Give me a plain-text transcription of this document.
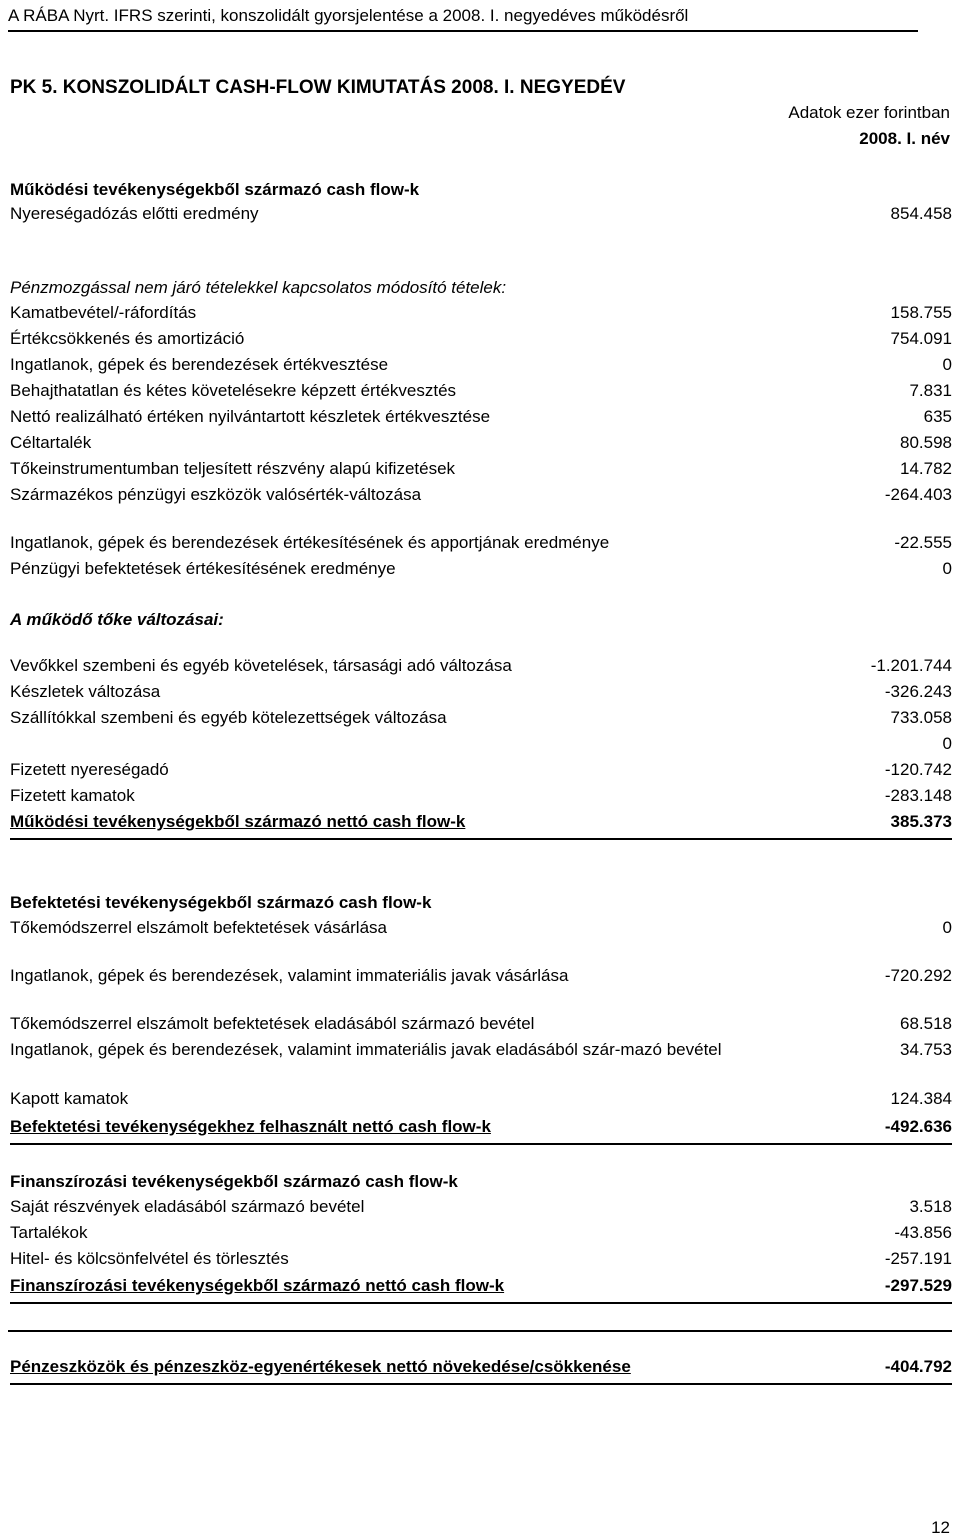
A RÁBA Nyrt. IFRS szerinti, konszolidált gyorsjelentése a 2008. I. negyedéves működésről
PK 5. KONSZOLIDÁLT CASH-FLOW KIMUTATÁS 2008. I. NEGYEDÉV
Adatok ezer forintban
2008. I. név
Működési tevékenységekből származó cash flow-k
Nyereségadózás előtti eredmény	854.458
Pénzmozgással nem járó tételekkel kapcsolatos módosító tételek:
Kamatbevétel/-ráfordítás	158.755
Értékcsökkenés és amortizáció	754.091
Ingatlanok, gépek és berendezések értékvesztése	0
Behajthatatlan és kétes követelésekre képzett értékvesztés	7.831
Nettó realizálható értéken nyilvántartott készletek értékvesztése	635
Céltartalék	80.598
Tőkeinstrumentumban teljesített részvény alapú kifizetések	14.782
Származékos pénzügyi eszközök valósérték-változása	-264.403
Ingatlanok, gépek és berendezések értékesítésének és apportjának eredménye	-22.555
Pénzügyi befektetések értékesítésének eredménye	0
A működő tőke változásai:
Vevőkkel szembeni és egyéb követelések, társasági adó változása	-1.201.744
Készletek változása	-326.243
Szállítókkal szembeni és egyéb kötelezettségek változása	733.058
0
Fizetett nyereségadó	-120.742
Fizetett kamatok	-283.148
Működési tevékenységekből származó nettó cash flow-k	385.373
Befektetési tevékenységekből származó cash flow-k
Tőkemódszerrel elszámolt befektetések vásárlása	0
Ingatlanok, gépek és berendezések, valamint immateriális javak vásárlása	-720.292
Tőkemódszerrel elszámolt befektetések eladásából származó bevétel	68.518
Ingatlanok, gépek és berendezések, valamint immateriális javak eladásából szár-mazó bevétel	34.753
Kapott kamatok	124.384
Befektetési tevékenységekhez felhasznált nettó cash flow-k	-492.636
Finanszírozási tevékenységekből származó cash flow-k
Saját részvények eladásából származó bevétel	3.518
Tartalékok	-43.856
Hitel- és kölcsönfelvétel és törlesztés	-257.191
Finanszírozási tevékenységekből származó nettó cash flow-k	-297.529
Pénzeszközök és pénzeszköz-egyenértékesek nettó növekedése/csökkenése	-404.792
12
